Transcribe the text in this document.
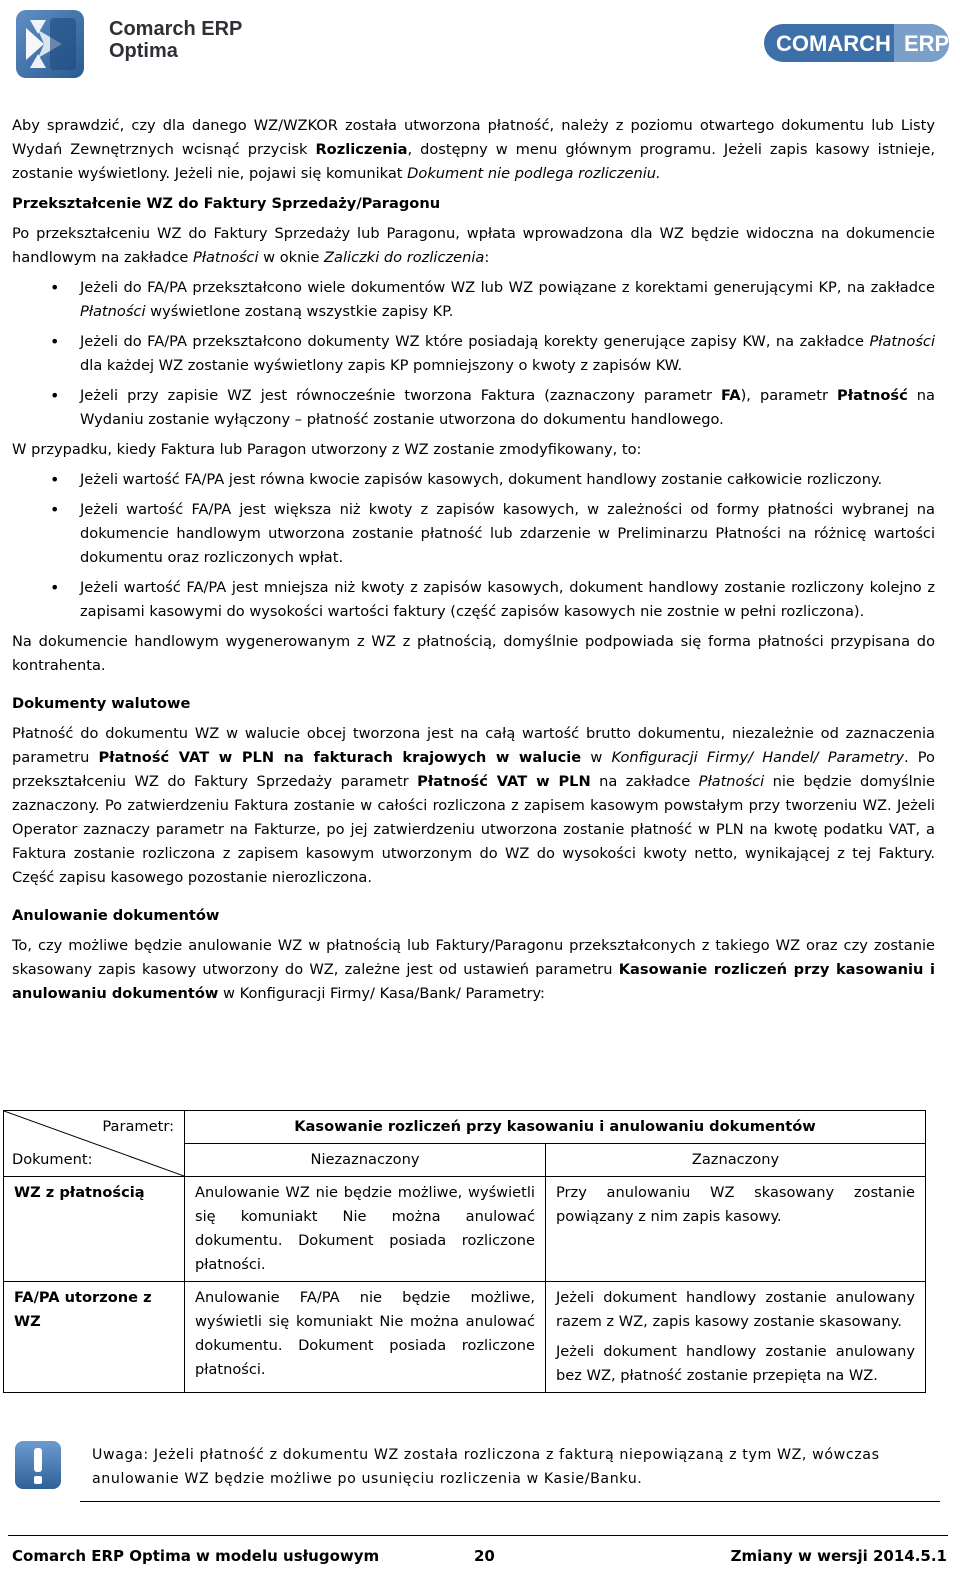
Comarch ERP
Optima	COMARCH ERP

Aby sprawdzić, czy dla danego WZ/WZKOR została utworzona płatność, należy z poziomu otwartego dokumentu lub Listy Wydań Zewnętrznych wcisnąć przycisk Rozliczenia, dostępny w menu głównym programu. Jeżeli zapis kasowy istnieje, zostanie wyświetlony. Jeżeli nie, pojawi się komunikat Dokument nie podlega rozliczeniu.

Przekształcenie WZ do Faktury Sprzedaży/Paragonu

Po przekształceniu WZ do Faktury Sprzedaży lub Paragonu, wpłata wprowadzona dla WZ będzie widoczna na dokumencie handlowym na zakładce Płatności w oknie Zaliczki do rozliczenia:

• Jeżeli do FA/PA przekształcono wiele dokumentów WZ lub WZ powiązane z korektami generującymi KP, na zakładce Płatności wyświetlone zostaną wszystkie zapisy KP.
• Jeżeli do FA/PA przekształcono dokumenty WZ które posiadają korekty generujące zapisy KW, na zakładce Płatności dla każdej WZ zostanie wyświetlony zapis KP pomniejszony o kwoty z zapisów KW.
• Jeżeli przy zapisie WZ jest równocześnie tworzona Faktura (zaznaczony parametr FA), parametr Płatność na Wydaniu zostanie wyłączony – płatność zostanie utworzona do dokumentu handlowego.

W przypadku, kiedy Faktura lub Paragon utworzony z WZ zostanie zmodyfikowany, to:

• Jeżeli wartość FA/PA jest równa kwocie zapisów kasowych, dokument handlowy zostanie całkowicie rozliczony.
• Jeżeli wartość FA/PA jest większa niż kwoty z zapisów kasowych, w zależności od formy płatności wybranej na dokumencie handlowym utworzona zostanie płatność lub zdarzenie w Preliminarzu Płatności na różnicę wartości dokumentu oraz rozliczonych wpłat.
• Jeżeli wartość FA/PA jest mniejsza niż kwoty z zapisów kasowych, dokument handlowy zostanie rozliczony kolejno z zapisami kasowymi do wysokości wartości faktury (część zapisów kasowych nie zostnie w pełni rozliczona).

Na dokumencie handlowym wygenerowanym z WZ z płatnością, domyślnie podpowiada się forma płatności przypisana do kontrahenta.

Dokumenty walutowe

Płatność do dokumentu WZ w walucie obcej tworzona jest na całą wartość brutto dokumentu, niezależnie od zaznaczenia parametru Płatność VAT w PLN na fakturach krajowych w walucie w Konfiguracji Firmy/ Handel/ Parametry. Po przekształceniu WZ do Faktury Sprzedaży parametr Płatność VAT w PLN na zakładce Płatności nie będzie domyślnie zaznaczony. Po zatwierdzeniu Faktura zostanie w całości rozliczona z zapisem kasowym powstałym przy tworzeniu WZ. Jeżeli Operator zaznaczy parametr na Fakturze, po jej zatwierdzeniu utworzona zostanie płatność w PLN na kwotę podatku VAT, a Faktura zostanie rozliczona z zapisem kasowym utworzonym do WZ do wysokości kwoty netto, wynikającej z tej Faktury. Część zapisu kasowego pozostanie nierozliczona.

Anulowanie dokumentów

To, czy możliwe będzie anulowanie WZ w płatnością lub Faktury/Paragonu przekształconych z takiego WZ oraz czy zostanie skasowany zapis kasowy utworzony do WZ, zależne jest od ustawień parametru Kasowanie rozliczeń przy kasowaniu i anulowaniu dokumentów w Konfiguracji Firmy/ Kasa/Bank/ Parametry:

Parametr:
Dokument:	Kasowanie rozliczeń przy kasowaniu i anulowaniu dokumentów	
	Niezaznaczony	Zaznaczony
WZ z płatnością	Anulowanie WZ nie będzie możliwe, wyświetli się komuniakt Nie można anulować dokumentu. Dokument posiada rozliczone płatności.	Przy anulowaniu WZ skasowany zostanie powiązany z nim zapis kasowy.

FA/PA utorzone z WZ	Anulowanie FA/PA nie będzie możliwe, wyświetli się komuniakt Nie można anulować dokumentu. Dokument posiada rozliczone płatności.	Jeżeli dokument handlowy zostanie anulowany razem z WZ, zapis kasowy zostanie skasowany.

Jeżeli dokument handlowy zostanie anulowany bez WZ, płatność zostanie przepięta na WZ.

Uwaga: Jeżeli płatność z dokumentu WZ została rozliczona z fakturą niepowiązaną z tym WZ, wówczas anulowanie WZ będzie możliwe po usunięciu rozliczenia w Kasie/Banku.
Comarch ERP Optima w modelu usługowym	20	Zmiany w wersji 2014.5.1
